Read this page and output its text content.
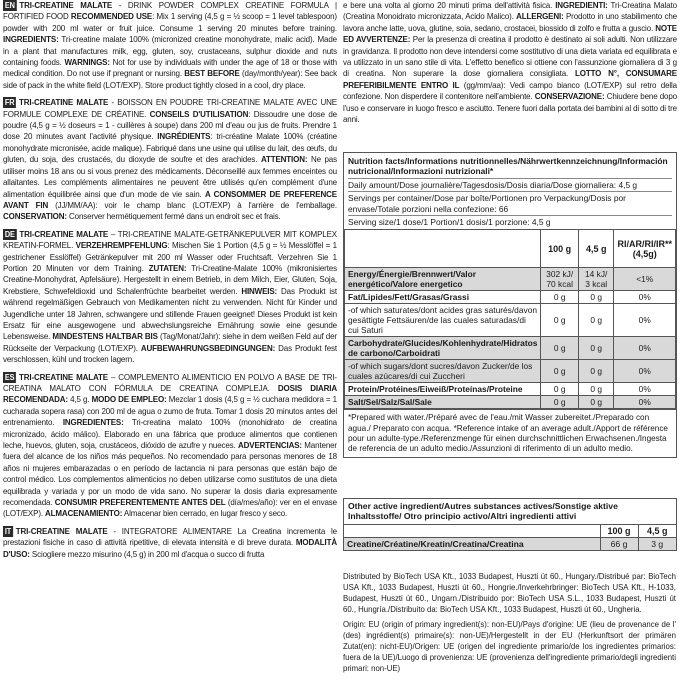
EN TRI-CREATINE MALATE - DRINK POWDER COMPLEX CREATINE FORMULA | FORTIFIED FOOD RECOMMENDED USE: Mix 1 serving (4,5 g = ½ scoop = 1 level tablespoon) powder with 200 ml water or fruit juice. Consume 1 serving 20 minutes before training. INGREDIENTS: Tri-creatine malate 100% (micronized creatine monohydrate, malic acid). Made in a plant that manufactures milk, egg, gluten, soy, crustaceans, sulphur dioxide and nuts containing foods. WARNINGS: Not for use by individuals with under the age of 18 or those with medical condition. Do not use if pregnant or nursing. BEST BEFORE (day/month/year): See back side of pack in the white field (LOT/EXP). Store product tightly closed in a cool, dry place.
FR TRI-CREATINE MALATE - BOISSON EN POUDRE TRI-CREATINE MALATE AVEC UNE FORMULE COMPLEXE DE CRÉATINE. CONSEILS D'UTILISATION: Dissoudre une dose de poudre (4,5 g = ½ doseurs = 1 - cuillères à soupe) dans 200 ml d'eau ou jus de fruits. Prendre 1 dose 20 minutes avant l'activité physique. INGRÉDIENTS: tri-créatine Malate 100% (créatine monohydrate micronisée, acide malique). Fabriqué dans une usine qui utilise du lait, des œufs, du gluten, du soja, des crustacés, du dioxyde de soufre et des arachides. ATTENTION: Ne pas utiliser moins 18 ans ou si vous prenez des médicaments. Déconseillé aux femmes enceintes ou allaitantes. Les compléments alimentaires ne peuvent être utilisés qu'en complément d'une alimentation équilibrée ainsi que d'un mode de vie sain. A CONSOMMER DE PREFERENCE AVANT FIN (JJ/MM/AA): voir le champ blanc (LOT/EXP) à l'arrière de l'emballage. CONSERVATION: Conserver hermétiquement fermé dans un endroit sec et frais.
DE TRI-CREATINE MALATE – TRI-CREATINE MALATE-GETRÄNKEPULVER MIT KOMPLEX KREATIN-FORMEL. VERZEHREMPFEHLUNG: Mischen Sie 1 Portion (4,5 g = ½ Messlöffel = 1 gestrichener Esslöffel) Getränkepulver mit 200 ml Wasser oder Fruchtsaft. Verzehren Sie 1 Portion 20 Minuten vor dem Training. ZUTATEN: Tri-Creatine-Malate 100% (mikronisiertes Creatine-Monohydrat, Apfelsäure). Hergestellt in einem Betrieb, in dem Milch, Eier, Gluten, Soja, Krebstiere, Schwefeldioxid und Schalenfrüchte bearbeitet werden. HINWEIS: Das Produkt ist während regelmäßigen Gebrauch von Medikamenten nicht zu verwenden. Nicht für Kinder und Jugendliche unter 18 Jahren, schwangere und stillende Frauen geeignet! Dieses Produkt ist kein Ersatz für eine ausgewogene und abwechslungsreiche Ernährung sowie eine gesunde Lebensweise. MINDESTENS HALTBAR BIS (Tag/Monat/Jahr): siehe in dem weißen Feld auf der Rückseite der Verpackung (LOT/EXP). AUFBEWAHRUNGSBEDINGUNGEN: Das Produkt fest verschlossen, kühl und trocken lagern.
ES TRI-CREATINE MALATE – COMPLEMENTO ALIMENTICIO EN POLVO A BASE DE TRI-CREATINA MALATO CON FÓRMULA DE CREATINA COMPLEJA. DOSIS DIARIA RECOMENDADA: 4,5 g. MODO DE EMPLEO: Mezclar 1 dosis (4,5 g = ½ cuchara medidora = 1 cucharada sopera rasa) con 200 ml de agua o zumo de fruta. Tomar 1 dosis 20 minutos antes del entrenamiento. INGREDIENTES: Tri-creatina malato 100% (monohidrato de creatina micronizado, ácido málico). Elaborado en una fábrica que produce alimentos que contienen leche, huevos, gluten, soja, crustáceos, dióxido de azufre y nueces. ADVERTENCIAS: Mantener fuera del alcance de los niños más pequeños. No recomendado para personas menores de 18 años ni mujeres embarazadas o en período de lactancia ni para personas que están bajo de control médico. Los complementos alimenticios no deben utilizarse como sustitutos de una dieta equilibrada y variada y por un modo de vida sano. No superar la dosis diaria expresamente recomendada. CONSUMIR PREFERENTEMENTE ANTES DEL (día/mes/año): ver en el envase (LOT/EXP). ALMACENAMIENTO: Almacenar bien cerrado, en lugar fresco y seco.
IT TRI-CREATINE MALATE - INTEGRATORE ALIMENTARE La Creatina incrementa le prestazioni fisiche in caso di attività ripetitive, di elevata intensità e di breve durata. MODALITÀ D'USO: Sciogliere mezzo misurino (4,5 g) in 200 ml d'acqua o succo di frutta
e bere una volta al giorno 20 minuti prima dell'attività fisica. INGREDIENTI: Tri-Creatina Malato (Creatina Monoidrato micronizzata, Acido Malico). ALLERGENI: Prodotto in uno stabilimento che lavora anche latte, uova, glutine, soia, sedano, crostacei, biossido di zolfo e frutta a guscio. NOTE ED AVVERTENZE: Per la presenza di creatina il prodotto è destinato ai soli adulti. Non utilizzare in gravidanza. Il prodotto non deve intendersi come sostitutivo di una dieta variata ed equilibrata e va utilizzato in un sano stile di vita. L'effetto benefico si ottiene con l'assunzione giornaliera di 3 g di creatina. Non superare la dose giornaliera consigliata. LOTTO N°, CONSUMARE PREFERIBILMENTE ENTRO IL (gg/mm/aa): Vedi campo bianco (LOT/EXP) sul retro della confezione. Non disperdere il contenitore nell'ambiente. CONSERVAZIONE: Chiudere bene dopo l'uso e conservare in luogo fresco e asciutto. Tenere fuori dalla portata dei bambini al di sotto di tre anni.
Nutrition facts/Informations nutritionnelles/Nährwertkennzeichnung/Información nutricional/Informazioni nutrizionali*
Daily amount/Dose journalière/Tagesdosis/Dosis diaria/Dose giornaliera: 4,5 g
Servings per container/Dose par boîte/Portionen pro Verpackung/Dosis por envase/Totale porzioni nella confezione: 66
Serving size/1 dose/1 Portion/1 dosis/1 porzione: 4,5 g
	100 g	4,5 g	RI/AR/RI/IR** (4,5g)
Energy/Énergie/Brennwert/Valor energético/Valore energetico	302 kJ/ 70 kcal	14 kJ/ 3 kcal	<1%
Fat/Lipides/Fett/Grasas/Grassi	0 g	0 g	0%
-of which saturates/dont acides gras saturés/davon gesättigte Fettsäuren/de las cuales saturadas/di cui Saturi	0 g	0 g	0%
Carbohydrate/Glucides/Kohlenhydrate/Hidratos de carbono/Carboidrati	0 g	0 g	0%
-of which sugars/dont sucres/davon Zucker/de los cuales azúcares/di cui Zuccheri	0 g	0 g	0%
Protein/Protéines/Eiweiß/Proteínas/Proteine	0 g	0 g	0%
Salt/Sel/Salz/Sal/Sale	0 g	0 g	0%
*Prepared with water./Préparé avec de l'eau./mit Wasser zubereitet./Preparado con agua./ Preparato con acqua. *Reference intake of an average adult./Apport de référence pour un adulte-type./Referenzmenge für einen durchschnittlichen Erwachsenen./Ingesta de referencia de un adulto medio./Assunzioni di riferimento di un adulto medio.
Other active ingredient/Autres substances actives/Sonstige aktive Inhaltsstoffe/ Otro principio activo/Altri ingredienti attivi
	100 g	4,5 g
Creatine/Créatine/Kreatin/Creatina/Creatina	66 g	3 g

Distributed by BioTech USA Kft., 1033 Budapest, Huszti út 60., Hungary./Distribué par: BioTech USA Kft., 1033 Budapest, Huszti út 60., Hongrie./Inverkehrbringer: BioTech USA Kft., H-1033, Budapest, Huszti út 60., Ungarn./Distribuido por: BioTech USA S.L., 1033 Budapest, Huszti út 60., Hungría./Distribuito da: BioTech USA Kft., 1033 Budapest, Huszti út 60., Ungheria.

Origin: EU (origin of primary ingredient(s): non-EU)/Pays d'origine: UE (lieu de provenance de l' (des) ingrédient(s) primaire(s): non-UE)/Hergestellt in der EU (Herkunftsort der primären Zutat(en): nicht-EU)/Origen: UE (origen del ingrediente primario/de los ingredientes primarios: fuera de la UE)/Luogo di provenienza: UE (provenienza dell'ingrediente primario/degli ingredienti primari: non-UE)
